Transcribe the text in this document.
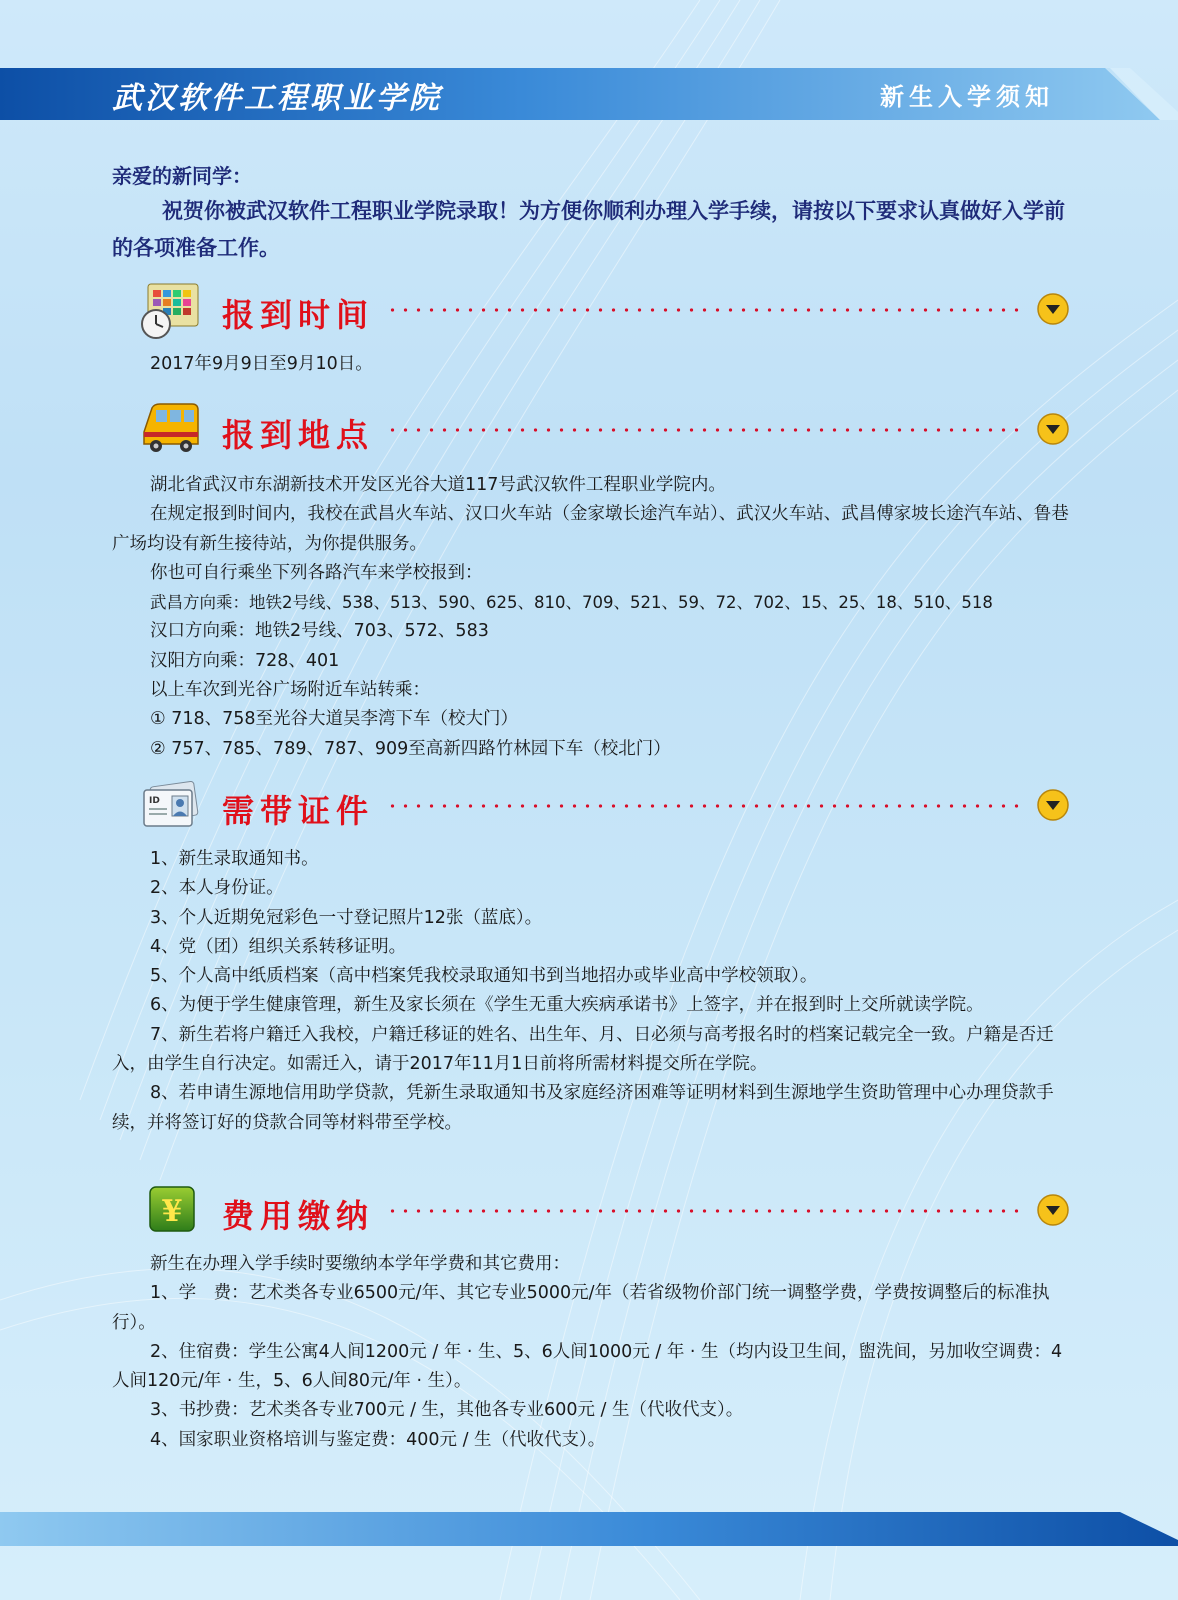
武汉软件工程职业学院	新生入学须知
亲爱的新同学：
祝贺你被武汉软件工程职业学院录取！为方便你顺利办理入学手续，请按以下要求认真做好入学前的各项准备工作。
报到时间

2017年9月9日至9月10日。

报到地点

湖北省武汉市东湖新技术开发区光谷大道117号武汉软件工程职业学院内。

在规定报到时间内，我校在武昌火车站、汉口火车站（金家墩长途汽车站）、武汉火车站、武昌傅家坡长途汽车站、鲁巷广场均设有新生接待站，为你提供服务。

你也可自行乘坐下列各路汽车来学校报到：

武昌方向乘：地铁2号线、538、513、590、625、810、709、521、59、72、702、15、25、18、510、518

汉口方向乘：地铁2号线、703、572、583

汉阳方向乘：728、401

以上车次到光谷广场附近车站转乘：

① 718、758至光谷大道吴李湾下车（校大门）

② 757、785、789、787、909至高新四路竹林园下车（校北门）

ID 需带证件

1、新生录取通知书。

2、本人身份证。

3、个人近期免冠彩色一寸登记照片12张（蓝底）。

4、党（团）组织关系转移证明。

5、个人高中纸质档案（高中档案凭我校录取通知书到当地招办或毕业高中学校领取）。

6、为便于学生健康管理，新生及家长须在《学生无重大疾病承诺书》上签字，并在报到时上交所就读学院。

7、新生若将户籍迁入我校，户籍迁移证的姓名、出生年、月、日必须与高考报名时的档案记载完全一致。户籍是否迁入，由学生自行决定。如需迁入，请于2017年11月1日前将所需材料提交所在学院。

8、若申请生源地信用助学贷款，凭新生录取通知书及家庭经济困难等证明材料到生源地学生资助管理中心办理贷款手续，并将签订好的贷款合同等材料带至学校。

¥ 费用缴纳

新生在办理入学手续时要缴纳本学年学费和其它费用：

1、学　费：艺术类各专业6500元/年、其它专业5000元/年（若省级物价部门统一调整学费，学费按调整后的标准执行）。

2、住宿费：学生公寓4人间1200元 / 年 · 生、5、6人间1000元 / 年 · 生（均内设卫生间，盥洗间，另加收空调费：4人间120元/年 · 生，5、6人间80元/年 · 生）。

3、书抄费：艺术类各专业700元 / 生，其他各专业600元 / 生（代收代支）。

4、国家职业资格培训与鉴定费：400元 / 生（代收代支）。
